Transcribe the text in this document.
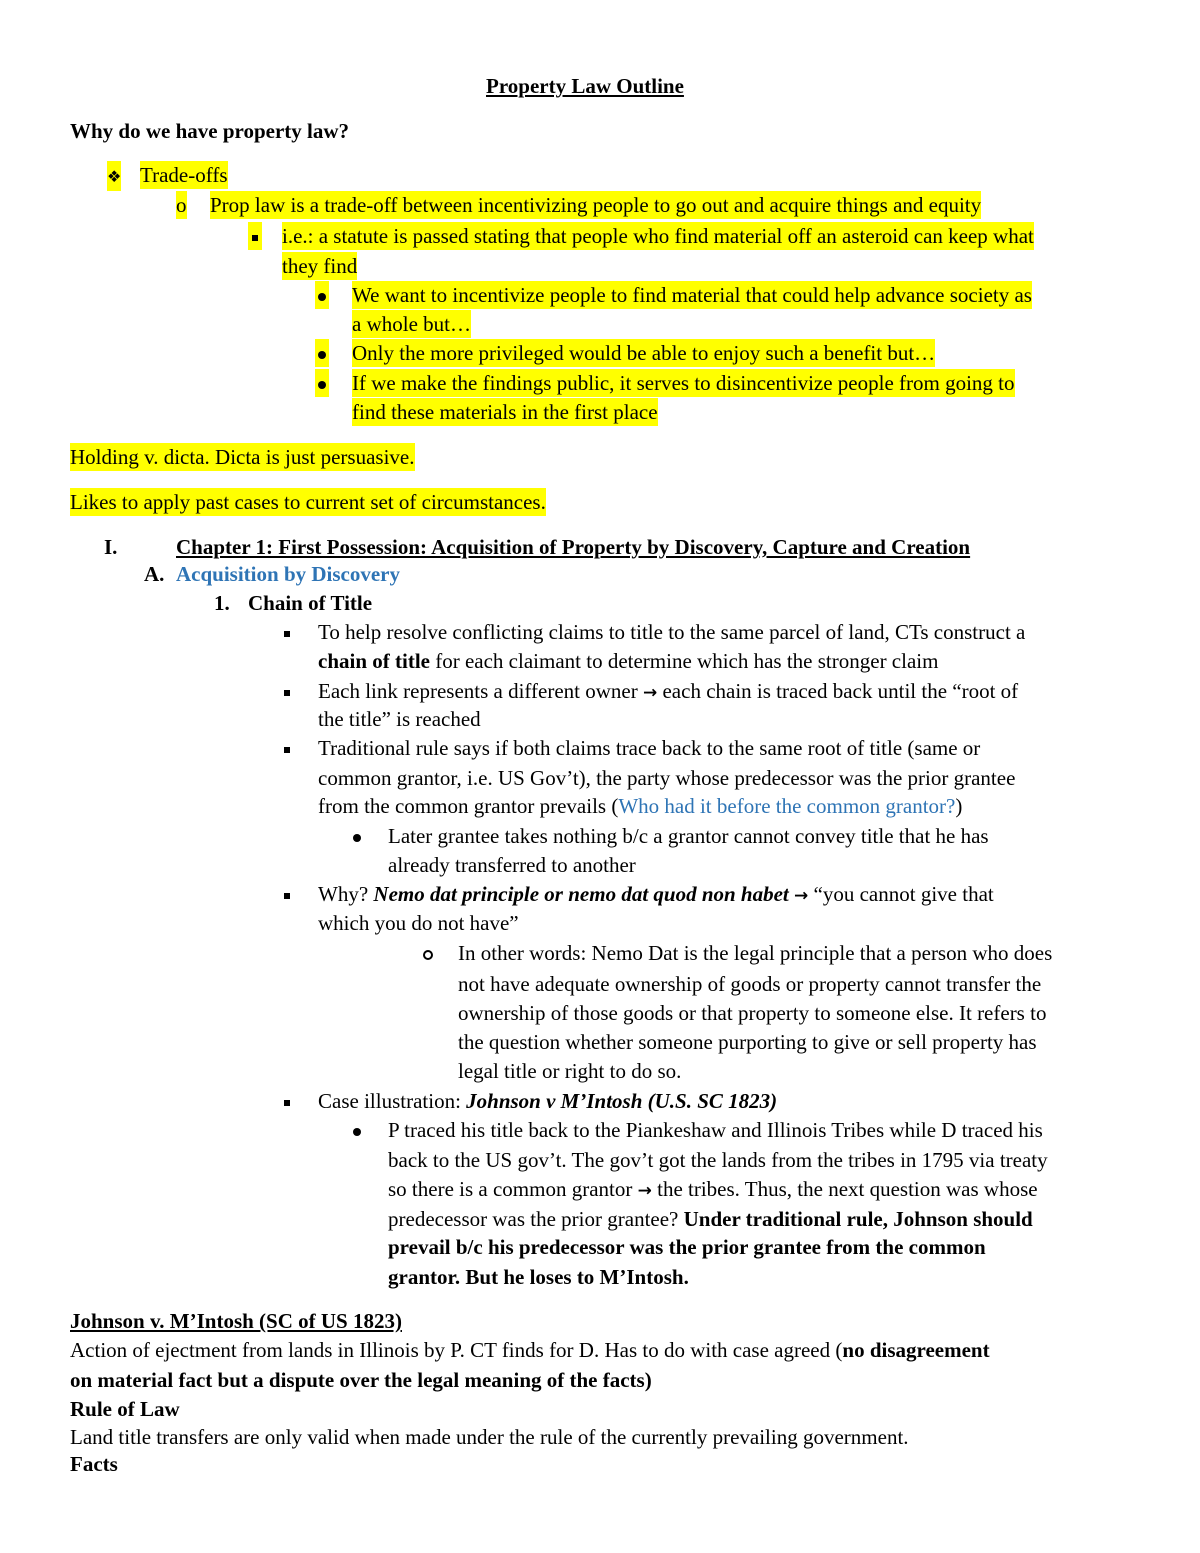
Property Law Outline
Why do we have property law?
❖ Trade-offs
o Prop law is a trade-off between incentivizing people to go out and acquire things and equity
i.e.: a statute is passed stating that people who find material off an asteroid can keep what
they find
We want to incentivize people to find material that could help advance society as
a whole but…
Only the more privileged would be able to enjoy such a benefit but…
If we make the findings public, it serves to disincentivize people from going to
find these materials in the first place
Holding v. dicta. Dicta is just persuasive.
Likes to apply past cases to current set of circumstances.
I.	Chapter 1: First Possession: Acquisition of Property by Discovery, Capture and Creation
A. Acquisition by Discovery
1. Chain of Title
To help resolve conflicting claims to title to the same parcel of land, CTs construct a
chain of title for each claimant to determine which has the stronger claim
Each link represents a different owner → each chain is traced back until the “root of
the title” is reached
Traditional rule says if both claims trace back to the same root of title (same or
common grantor, i.e. US Gov’t), the party whose predecessor was the prior grantee
from the common grantor prevails (Who had it before the common grantor?)
Later grantee takes nothing b/c a grantor cannot convey title that he has
already transferred to another
Why? Nemo dat principle or nemo dat quod non habet → “you cannot give that
which you do not have”
In other words: Nemo Dat is the legal principle that a person who does
not have adequate ownership of goods or property cannot transfer the
ownership of those goods or that property to someone else. It refers to
the question whether someone purporting to give or sell property has
legal title or right to do so.
Case illustration: Johnson v M’Intosh (U.S. SC 1823)
P traced his title back to the Piankeshaw and Illinois Tribes while D traced his
back to the US gov’t. The gov’t got the lands from the tribes in 1795 via treaty
so there is a common grantor → the tribes. Thus, the next question was whose
predecessor was the prior grantee? Under traditional rule, Johnson should
prevail b/c his predecessor was the prior grantee from the common
grantor. But he loses to M’Intosh.
Johnson v. M’Intosh (SC of US 1823)
Action of ejectment from lands in Illinois by P. CT finds for D. Has to do with case agreed (no disagreement
on material fact but a dispute over the legal meaning of the facts)
Rule of Law
Land title transfers are only valid when made under the rule of the currently prevailing government.
Facts
